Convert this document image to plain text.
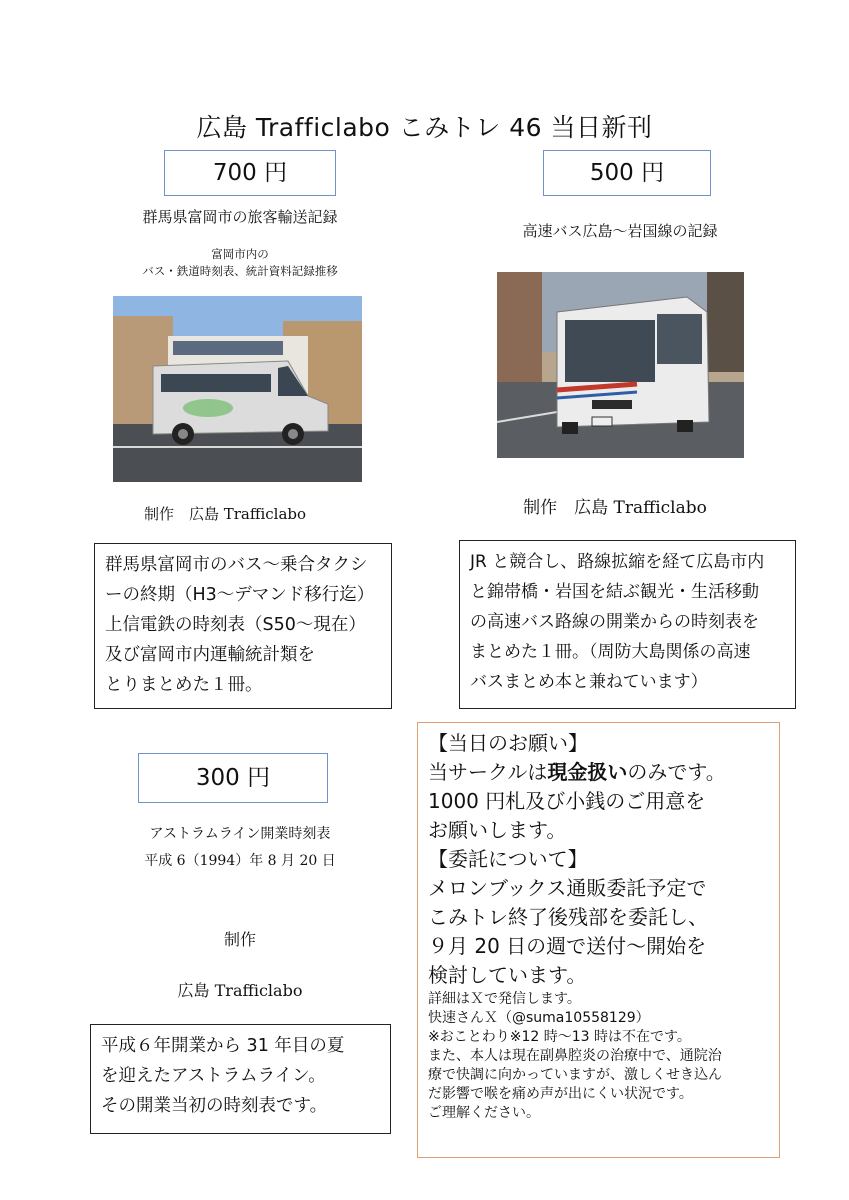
広島 Trafficlabo こみトレ 46 当日新刊
700 円
群馬県富岡市の旅客輸送記録
富岡市内の
バス・鉄道時刻表、統計資料記録推移
制作　広島 Trafficlabo
群馬県富岡市のバス～乗合タクシ
ーの終期（H3～デマンド移行迄）
上信電鉄の時刻表（S50～現在）
及び富岡市内運輸統計類を
とりまとめた１冊。
500 円
高速バス広島～岩国線の記録
制作　広島 Trafficlabo
JR と競合し、路線拡縮を経て広島市内
と錦帯橋・岩国を結ぶ観光・生活移動
の高速バス路線の開業からの時刻表を
まとめた１冊。（周防大島関係の高速
バスまとめ本と兼ねています）
300 円
アストラムライン開業時刻表
平成 6（1994）年 8 月 20 日
制作
広島 Trafficlabo
平成６年開業から 31 年目の夏
を迎えたアストラムライン。
その開業当初の時刻表です。
【当日のお願い】
当サークルは現金扱いのみです。
1000 円札及び小銭のご用意を
お願いします。
【委託について】
メロンブックス通販委託予定で
こみトレ終了後残部を委託し、
９月 20 日の週で送付～開始を
検討しています。
詳細はＸで発信します。
快速さんＸ（@suma10558129）
※おことわり※12 時～13 時は不在です。
また、本人は現在副鼻腔炎の治療中で、通院治
療で快調に向かっていますが、激しくせき込ん
だ影響で喉を痛め声が出にくい状況です。
ご理解ください。
